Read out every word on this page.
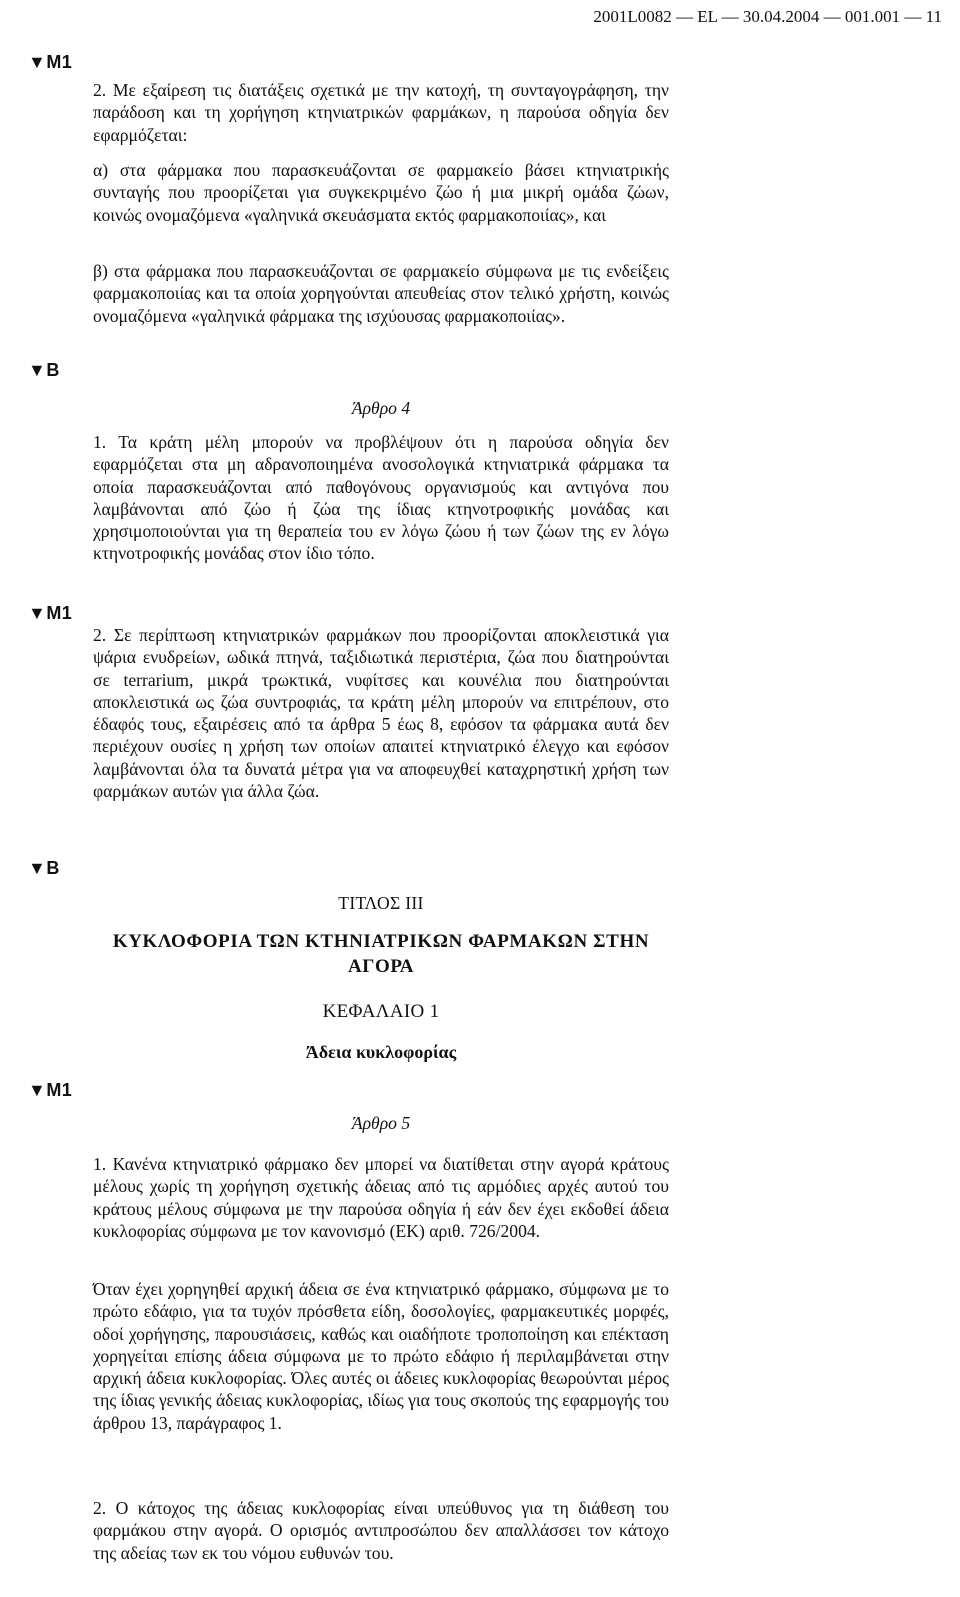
2001L0082 — EL — 30.04.2004 — 001.001 — 11
▼M1
▼B
▼M1
▼B
▼M1

2. Με εξαίρεση τις διατάξεις σχετικά με την κατοχή, τη συνταγογράφηση, την παράδοση και τη χορήγηση κτηνιατρικών φαρμάκων, η παρούσα οδηγία δεν εφαρμόζεται:

α) στα φάρμακα που παρασκευάζονται σε φαρμακείο βάσει κτηνιατρικής συνταγής που προορίζεται για συγκεκριμένο ζώο ή μια μικρή ομάδα ζώων, κοινώς ονομαζόμενα «γαληνικά σκευάσματα εκτός φαρμακοποιίας», και

β) στα φάρμακα που παρασκευάζονται σε φαρμακείο σύμφωνα με τις ενδείξεις φαρμακοποιίας και τα οποία χορηγούνται απευθείας στον τελικό χρήστη, κοινώς ονομαζόμενα «γαληνικά φάρμακα της ισχύουσας φαρμακοποιίας».

Άρθρο 4

1. Τα κράτη μέλη μπορούν να προβλέψουν ότι η παρούσα οδηγία δεν εφαρμόζεται στα μη αδρανοποιημένα ανοσολογικά κτηνιατρικά φάρμακα τα οποία παρασκευάζονται από παθογόνους οργανισμούς και αντιγόνα που λαμβάνονται από ζώο ή ζώα της ίδιας κτηνοτροφικής μονάδας και χρησιμοποιούνται για τη θεραπεία του εν λόγω ζώου ή των ζώων της εν λόγω κτηνοτροφικής μονάδας στον ίδιο τόπο.

2. Σε περίπτωση κτηνιατρικών φαρμάκων που προορίζονται αποκλειστικά για ψάρια ενυδρείων, ωδικά πτηνά, ταξιδιωτικά περιστέρια, ζώα που διατηρούνται σε terrarium, μικρά τρωκτικά, νυφίτσες και κουνέλια που διατηρούνται αποκλειστικά ως ζώα συντροφιάς, τα κράτη μέλη μπορούν να επιτρέπουν, στο έδαφός τους, εξαιρέσεις από τα άρθρα 5 έως 8, εφόσον τα φάρμακα αυτά δεν περιέχουν ουσίες η χρήση των οποίων απαιτεί κτηνιατρικό έλεγχο και εφόσον λαμβάνονται όλα τα δυνατά μέτρα για να αποφευχθεί καταχρηστική χρήση των φαρμάκων αυτών για άλλα ζώα.

ΤΙΤΛΟΣ III

ΚΥΚΛΟΦΟΡΙΑ ΤΩΝ ΚΤΗΝΙΑΤΡΙΚΩΝ ΦΑΡΜΑΚΩΝ ΣΤΗΝ
ΑΓΟΡΑ

ΚΕΦΑΛΑΙΟ 1

Άδεια κυκλοφορίας

Άρθρο 5

1. Κανένα κτηνιατρικό φάρμακο δεν μπορεί να διατίθεται στην αγορά κράτους μέλους χωρίς τη χορήγηση σχετικής άδειας από τις αρμόδιες αρχές αυτού του κράτους μέλους σύμφωνα με την παρούσα οδηγία ή εάν δεν έχει εκδοθεί άδεια κυκλοφορίας σύμφωνα με τον κανονισμό (ΕΚ) αριθ. 726/2004.

Όταν έχει χορηγηθεί αρχική άδεια σε ένα κτηνιατρικό φάρμακο, σύμφωνα με το πρώτο εδάφιο, για τα τυχόν πρόσθετα είδη, δοσολογίες, φαρμακευτικές μορφές, οδοί χορήγησης, παρουσιάσεις, καθώς και οιαδήποτε τροποποίηση και επέκταση χορηγείται επίσης άδεια σύμφωνα με το πρώτο εδάφιο ή περιλαμβάνεται στην αρχική άδεια κυκλοφορίας. Όλες αυτές οι άδειες κυκλοφορίας θεωρούνται μέρος της ίδιας γενικής άδειας κυκλοφορίας, ιδίως για τους σκοπούς της εφαρμογής του άρθρου 13, παράγραφος 1.

2. Ο κάτοχος της άδειας κυκλοφορίας είναι υπεύθυνος για τη διάθεση του φαρμάκου στην αγορά. Ο ορισμός αντιπροσώπου δεν απαλλάσσει τον κάτοχο της αδείας των εκ του νόμου ευθυνών του.
